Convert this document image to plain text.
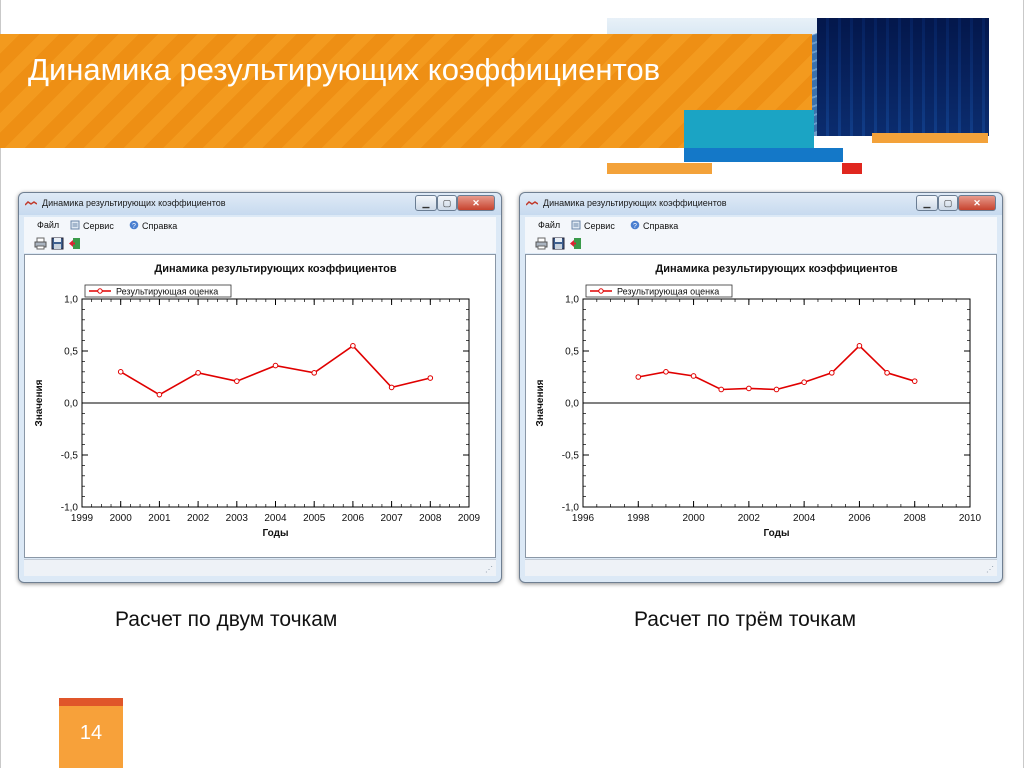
Динамика результирующих коэффициентов
Динамика результирующих коэффициентов	▁	▢	✕
Файл	Сервис	? Справка
Динамика результирующих коэффициентов
1,0
0,5
0,0
-0,5
-1,0
1999 2000 2001 2002 2003 2004 2005 2006 2007 2008 2009
Годы
Значения
Результирующая оценка
⋰
Динамика результирующих коэффициентов	▁	▢	✕
Файл	Сервис	? Справка
Динамика результирующих коэффициентов
1,0
0,5
0,0
-0,5
-1,0
1996	1998	2000	2002	2004	2006	2008	2010
Годы
Значения
Результирующая оценка
⋰
Расчет по двум точкам	Расчет по трём точкам
14
